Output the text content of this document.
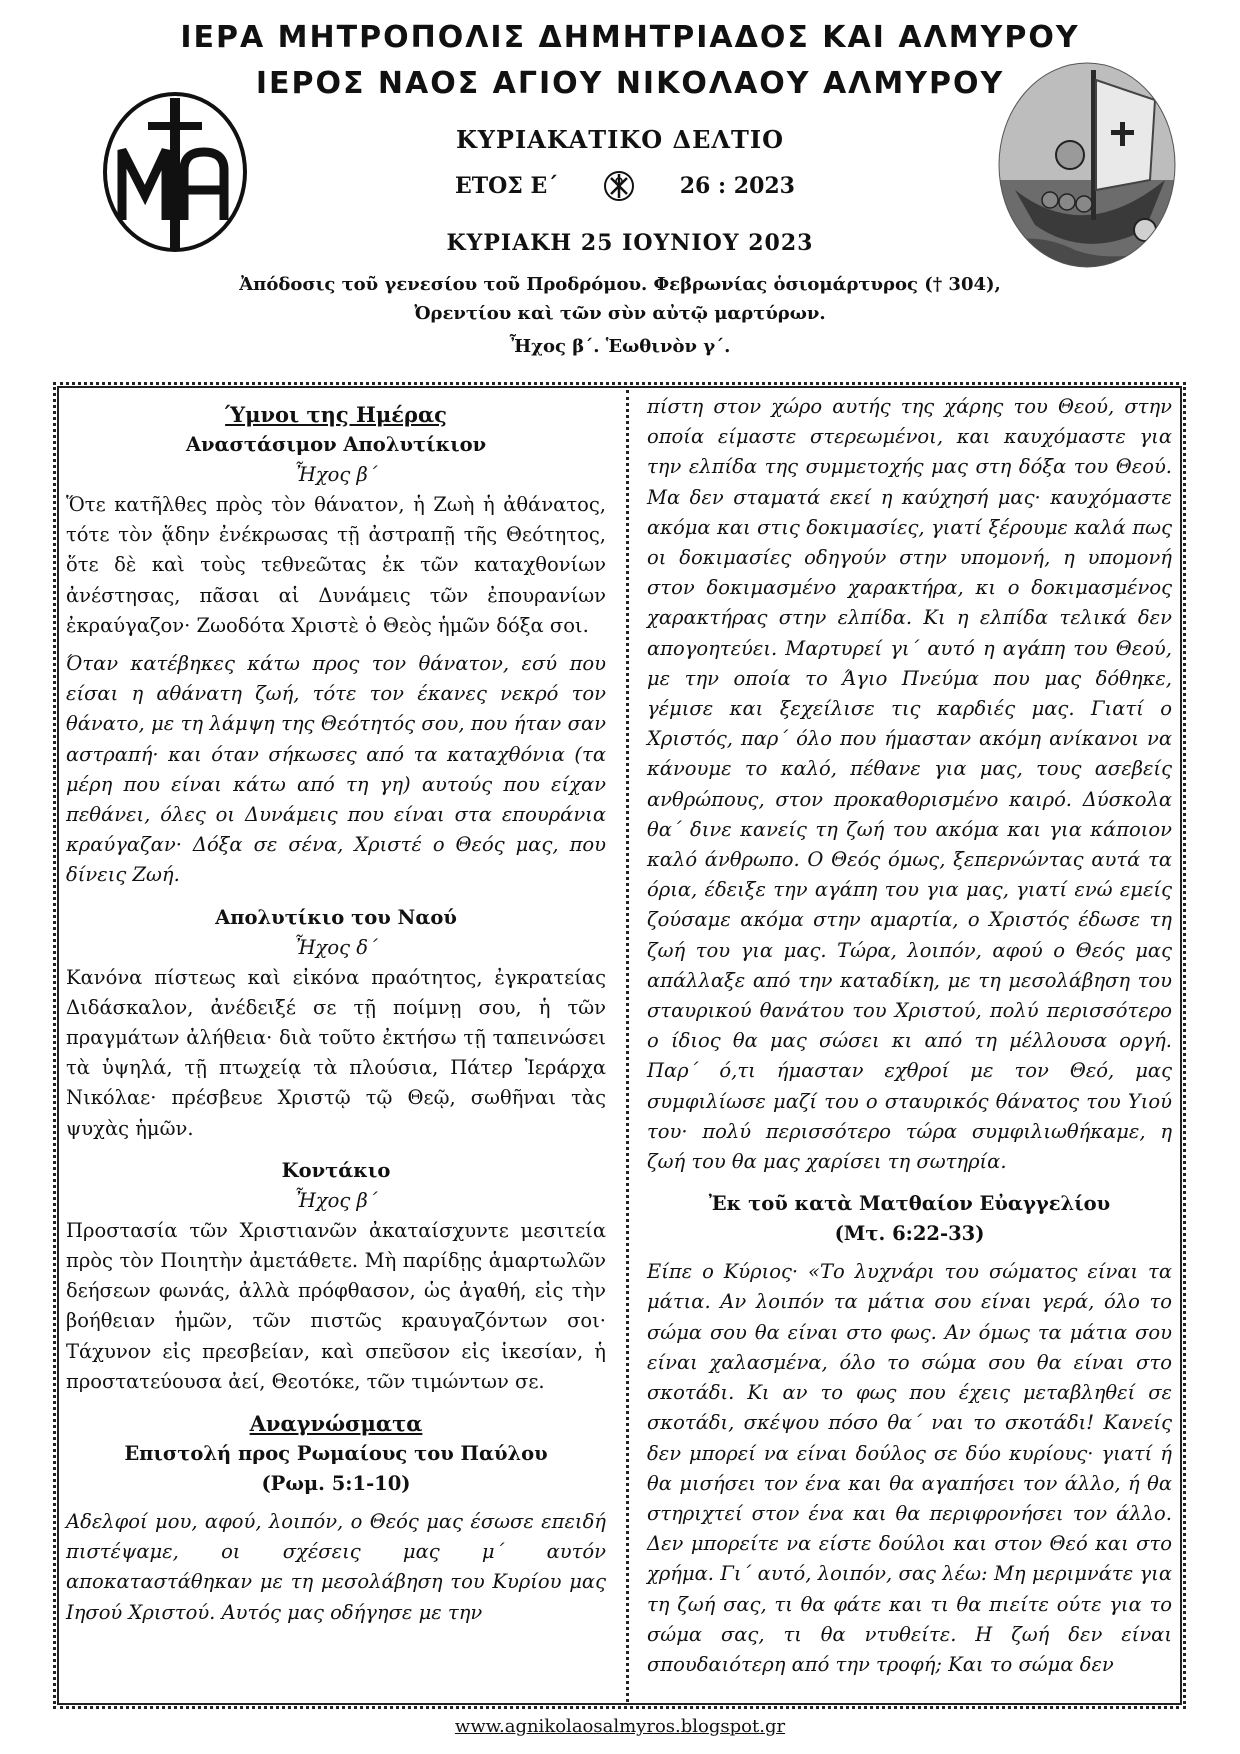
ΙΕΡΑ ΜΗΤΡΟΠΟΛΙΣ ΔΗΜΗΤΡΙΑΔΟΣ ΚΑΙ ΑΛΜΥΡΟΥ
ΙΕΡΟΣ ΝΑΟΣ ΑΓΙΟΥ ΝΙΚΟΛΑΟΥ ΑΛΜΥΡΟΥ
ΚΥΡΙΑΚΑΤΙΚΟ ΔΕΛΤΙΟ
ΕΤΟΣ Ε΄	26 : 2023
ΚΥΡΙΑΚΗ 25 ΙΟΥΝΙΟΥ 2023
Ἀπόδοσις τοῦ γενεσίου τοῦ Προδρόμου. Φεβρωνίας ὁσιομάρτυρος († 304),
Ὀρεντίου καὶ τῶν σὺν αὐτῷ μαρτύρων.
Ἦχος β΄. Ἑωθινὸν γ΄.

Ύμνοι της Ημέρας

Αναστάσιμον Απολυτίκιον

Ἦχος β΄

Ὅτε κατῆλθες πρὸς τὸν θάνατον, ἡ Ζωὴ ἡ ἀθάνατος, τότε τὸν ᾅδην ἐνέκρωσας τῇ ἀστραπῇ τῆς Θεότητος, ὅτε δὲ καὶ τοὺς τεθνεῶτας ἐκ τῶν καταχθονίων ἀνέστησας, πᾶσαι αἱ Δυνάμεις τῶν ἐπουρανίων ἐκραύγαζον· Ζωοδότα Χριστὲ ὁ Θεὸς ἡμῶν δόξα σοι.

Όταν κατέβηκες κάτω προς τον θάνατον, εσύ που είσαι η αθάνατη ζωή, τότε τον έκανες νεκρό τον θάνατο, με τη λάμψη της Θεότητός σου, που ήταν σαν αστραπή· και όταν σήκωσες από τα καταχθόνια (τα μέρη που είναι κάτω από τη γη) αυτούς που είχαν πεθάνει, όλες οι Δυνάμεις που είναι στα επουράνια κραύγαζαν· Δόξα σε σένα, Χριστέ ο Θεός μας, που δίνεις Ζωή.

Απολυτίκιο του Ναού

Ἦχος δ΄

Κανόνα πίστεως καὶ εἰκόνα πραότητος, ἐγκρατείας Διδάσκαλον, ἀνέδειξέ σε τῇ ποίμνῃ σου, ἡ τῶν πραγμάτων ἀλήθεια· διὰ τοῦτο ἐκτήσω τῇ ταπεινώσει τὰ ὑψηλά, τῇ πτωχείᾳ τὰ πλούσια, Πάτερ Ἱεράρχα Νικόλαε· πρέσβευε Χριστῷ τῷ Θεῷ, σωθῆναι τὰς ψυχὰς ἡμῶν.

Κοντάκιο

Ἦχος β΄

Προστασία τῶν Χριστιανῶν ἀκαταίσχυντε μεσιτεία πρὸς τὸν Ποιητὴν ἀμετάθετε. Μὴ παρίδῃς ἁμαρτωλῶν δεήσεων φωνάς, ἀλλὰ πρόφθασον, ὡς ἀγαθή, εἰς τὴν βοήθειαν ἡμῶν, τῶν πιστῶς κραυγαζόντων σοι· Τάχυνον εἰς πρεσβείαν, καὶ σπεῦσον εἰς ἱκεσίαν, ἡ προστατεύουσα ἀεί, Θεοτόκε, τῶν τιμώντων σε.

Αναγνώσματα

Επιστολή προς Ρωμαίους του Παύλου

(Ρωμ. 5:1-10)

Αδελφοί μου, αφού, λοιπόν, ο Θεός μας έσωσε επειδή πιστέψαμε, οι σχέσεις μας μ΄ αυτόν αποκαταστάθηκαν με τη μεσολάβηση του Κυρίου μας Ιησού Χριστού. Αυτός μας οδήγησε με την

πίστη στον χώρο αυτής της χάρης του Θεού, στην οποία είμαστε στερεωμένοι, και καυχόμαστε για την ελπίδα της συμμετοχής μας στη δόξα του Θεού. Μα δεν σταματά εκεί η καύχησή μας· καυχόμαστε ακόμα και στις δοκιμασίες, γιατί ξέρουμε καλά πως οι δοκιμασίες οδηγούν στην υπομονή, η υπομονή στον δοκιμασμένο χαρακτήρα, κι ο δοκιμασμένος χαρακτήρας στην ελπίδα. Κι η ελπίδα τελικά δεν απογοητεύει. Μαρτυρεί γι΄ αυτό η αγάπη του Θεού, με την οποία το Άγιο Πνεύμα που μας δόθηκε, γέμισε και ξεχείλισε τις καρδιές μας. Γιατί ο Χριστός, παρ΄ όλο που ήμασταν ακόμη ανίκανοι να κάνουμε το καλό, πέθανε για μας, τους ασεβείς ανθρώπους, στον προκαθορισμένο καιρό. Δύσκολα θα΄ δινε κανείς τη ζωή του ακόμα και για κάποιον καλό άνθρωπο. Ο Θεός όμως, ξεπερνώντας αυτά τα όρια, έδειξε την αγάπη του για μας, γιατί ενώ εμείς ζούσαμε ακόμα στην αμαρτία, ο Χριστός έδωσε τη ζωή του για μας. Τώρα, λοιπόν, αφού ο Θεός μας απάλλαξε από την καταδίκη, με τη μεσολάβηση του σταυρικού θανάτου του Χριστού, πολύ περισσότερο ο ίδιος θα μας σώσει κι από τη μέλλουσα οργή. Παρ΄ ό,τι ήμασταν εχθροί με τον Θεό, μας συμφιλίωσε μαζί του ο σταυρικός θάνατος του Υιού του· πολύ περισσότερο τώρα συμφιλιωθήκαμε, η ζωή του θα μας χαρίσει τη σωτηρία.

Ἐκ τοῦ κατὰ Ματθαίον Εὐαγγελίου

(Μτ. 6:22-33)

Είπε ο Κύριος· «Το λυχνάρι του σώματος είναι τα μάτια. Αν λοιπόν τα μάτια σου είναι γερά, όλο το σώμα σου θα είναι στο φως. Αν όμως τα μάτια σου είναι χαλασμένα, όλο το σώμα σου θα είναι στο σκοτάδι. Κι αν το φως που έχεις μεταβληθεί σε σκοτάδι, σκέψου πόσο θα΄ ναι το σκοτάδι! Κανείς δεν μπορεί να είναι δούλος σε δύο κυρίους· γιατί ή θα μισήσει τον ένα και θα αγαπήσει τον άλλο, ή θα στηριχτεί στον ένα και θα περιφρονήσει τον άλλο. Δεν μπορείτε να είστε δούλοι και στον Θεό και στο χρήμα. Γι΄ αυτό, λοιπόν, σας λέω: Μη μεριμνάτε για τη ζωή σας, τι θα φάτε και τι θα πιείτε ούτε για το σώμα σας, τι θα ντυθείτε. Η ζωή δεν είναι σπουδαιότερη από την τροφή; Και το σώμα δεν

www.agnikolaosalmyros.blogspot.gr
